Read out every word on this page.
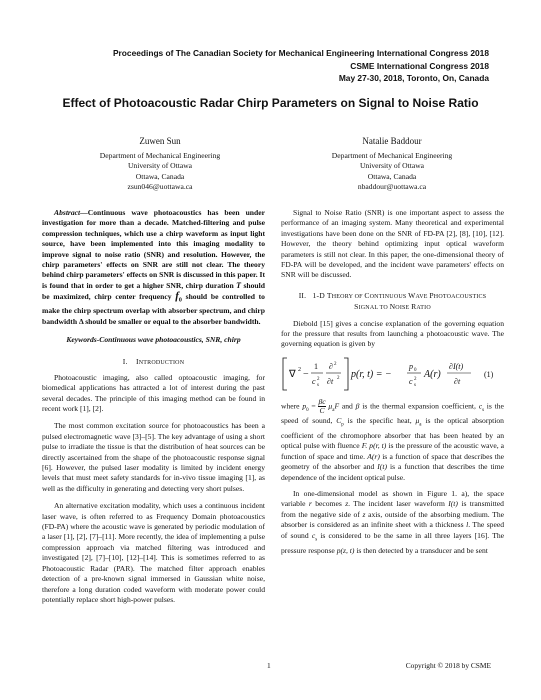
Proceedings of The Canadian Society for Mechanical Engineering International Congress 2018
CSME International Congress 2018
May 27-30, 2018, Toronto, On, Canada
Effect of Photoacoustic Radar Chirp Parameters on Signal to Noise Ratio
Zuwen Sun
Department of Mechanical Engineering
University of Ottawa
Ottawa, Canada
zsun046@uottawa.ca
Natalie Baddour
Department of Mechanical Engineering
University of Ottawa
Ottawa, Canada
nbaddour@uottawa.ca

Abstract—Continuous wave photoacoustics has been under investigation for more than a decade. Matched-filtering and pulse compression techniques, which use a chirp waveform as input light source, have been implemented into this imaging modality to improve signal to noise ratio (SNR) and resolution. However, the chirp parameters' effects on SNR are still not clear. The theory behind chirp parameters' effects on SNR is discussed in this paper. It is found that in order to get a higher SNR, chirp duration T should be maximized, chirp center frequency $f_0$ should be controlled to make the chirp spectrum overlap with absorber spectrum, and chirp bandwidth Δ should be smaller or equal to the absorber bandwidth.

Keywords-Continuous wave photoacoustics, SNR, chirp

I. INTRODUCTION

Photoacoustic imaging, also called optoacoustic imaging, for biomedical applications has attracted a lot of interest during the past several decades. The principle of this imaging method can be found in recent work [1], [2].

The most common excitation source for photoacoustics has been a pulsed electromagnetic wave [3]–[5]. The key advantage of using a short pulse to irradiate the tissue is that the distribution of heat sources can be directly ascertained from the shape of the photoacoustic response signal [6]. However, the pulsed laser modality is limited by incident energy levels that must meet safety standards for in-vivo tissue imaging [1], as well as the difficulty in generating and detecting very short pulses.

An alternative excitation modality, which uses a continuous incident laser wave, is often referred to as Frequency Domain photoacoustics (FD-PA) where the acoustic wave is generated by periodic modulation of a laser [1], [2], [7]–[11]. More recently, the idea of implementing a pulse compression approach via matched filtering was introduced and investigated [2], [7]–[10], [12]–[14]. This is sometimes referred to as Photoacoustic Radar (PAR). The matched filter approach enables detection of a pre-known signal immersed in Gaussian white noise, therefore a long duration coded waveform with moderate power could potentially replace short high-power pulses.

Signal to Noise Ratio (SNR) is one important aspect to assess the performance of an imaging system. Many theoretical and experimental investigations have been done on the SNR of FD-PA [2], [8], [10], [12]. However, the theory behind optimizing input optical waveform parameters is still not clear. In this paper, the one-dimensional theory of FD-PA will be developed, and the incident wave parameters' effects on SNR will be discussed.

II. 1-D THEORY OF CONTINUOUS WAVE PHOTOACOUSTICS

SIGNAL TO NOISE RATIO

Diebold [15] gives a concise explanation of the governing equation for the pressure that results from launching a photoacoustic wave. The governing equation is given by

∇ 2 −
1
c s
2
∂ 2
∂t 2 p(r, t) = −
p 0
c s
2 A(r)
∂I(t)
∂t
(1)

where $p_0 = \frac{\beta c}{C} \mu_aF$ and β is the thermal expansion coefficient, $c_s$ is the speed of sound, $C_p$ is the specific heat, $\mu_a$ is the optical absorption coefficient of the chromophore absorber that has been heated by an optical pulse with fluence F. p(r, t) is the pressure of the acoustic wave, a function of space and time. A(r) is a function of space that describes the geometry of the absorber and I(t) is a function that describes the time dependence of the incident optical pulse.

In one-dimensional model as shown in Figure 1. a), the space variable r becomes z. The incident laser waveform I(t) is transmitted from the negative side of z axis, outside of the absorbing medium. The absorber is considered as an infinite sheet with a thickness l. The speed of sound $c_s$ is considered to be the same in all three layers [16]. The pressure response p(z, t) is then detected by a transducer and be sent

1	Copyright © 2018 by CSME
